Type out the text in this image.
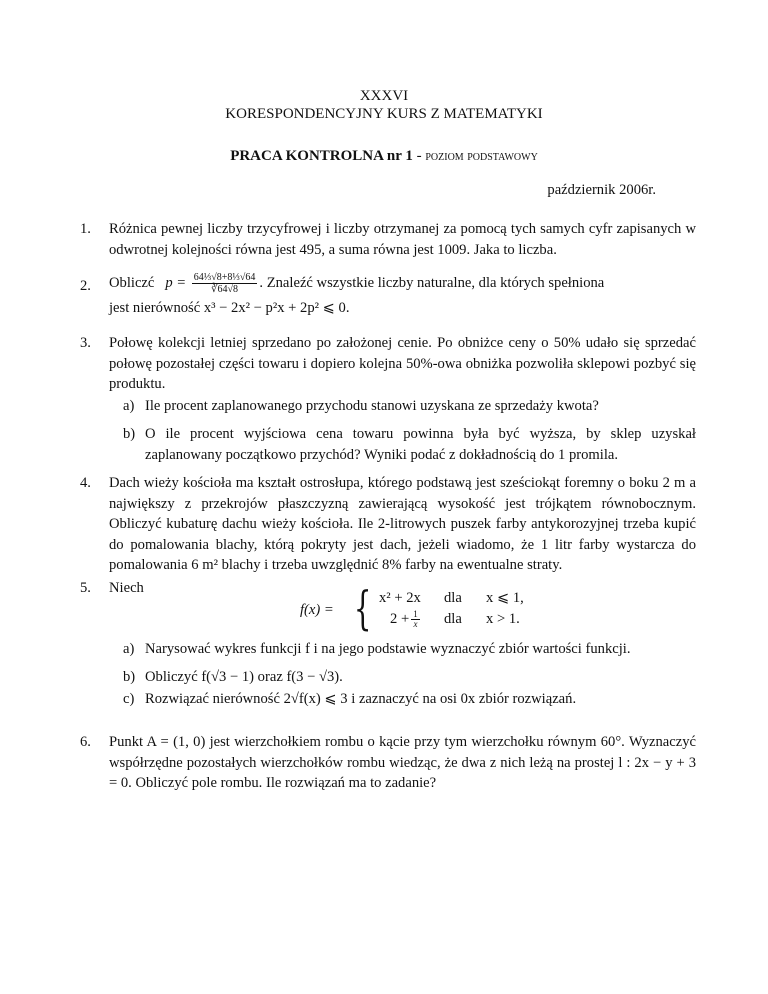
XXXVI
KORESPONDENCYJNY KURS Z MATEMATYKI
PRACA KONTROLNA nr 1 - poziom podstawowy
październik 2006r.
1. Różnica pewnej liczby trzycyfrowej i liczby otrzymanej za pomocą tych samych cyfr zapisanych w odwrotnej kolejności równa jest 495, a suma równa jest 1009. Jaka to liczba.
2. Obliczć $p = \frac{\text{64⅓√8+8⅓√64}}{∛64√8}$ . Znaleźć wszystkie liczby naturalne, dla których spełniona
jest nierówność x³ − 2x² − p²x + 2p² ⩽ 0.
3. Połowę kolekcji letniej sprzedano po założonej cenie. Po obniżce ceny o 50% udało się sprzedać połowę pozostałej części towaru i dopiero kolejna 50%-owa obniżka pozwoliła sklepowi pozbyć się produktu.
a) Ile procent zaplanowanego przychodu stanowi uzyskana ze sprzedaży kwota?
b) O ile procent wyjściowa cena towaru powinna była być wyższa, by sklep uzyskał zaplanowany początkowo przychód? Wyniki podać z dokładnością do 1 promila.
4. Dach wieży kościoła ma kształt ostrosłupa, którego podstawą jest sześciokąt foremny o boku 2 m a największy z przekrojów płaszczyzną zawierającą wysokość jest trójkątem równobocznym. Obliczyć kubaturę dachu wieży kościoła. Ile 2-litrowych puszek farby antykorozyjnej trzeba kupić do pomalowania blachy, którą pokryty jest dach, jeżeli wiadomo, że 1 litr farby wystarcza do pomalowania 6 m² blachy i trzeba uwzględnić 8% farby na ewentualne straty.
5. Niech
f(x) = { x² + 2x dla x ⩽ 1,
$2 + \frac{1}{x}$ dla x > 1.
a) Narysować wykres funkcji f i na jego podstawie wyznaczyć zbiór wartości funkcji.
b) Obliczyć f(√3 − 1) oraz f(3 − √3).
c) Rozwiązać nierówność 2√f(x) ⩽ 3 i zaznaczyć na osi 0x zbiór rozwiązań.
6. Punkt A = (1, 0) jest wierzchołkiem rombu o kącie przy tym wierzchołku równym 60°. Wyznaczyć współrzędne pozostałych wierzchołków rombu wiedząc, że dwa z nich leżą na prostej l : 2x − y + 3 = 0. Obliczyć pole rombu. Ile rozwiązań ma to zadanie?
